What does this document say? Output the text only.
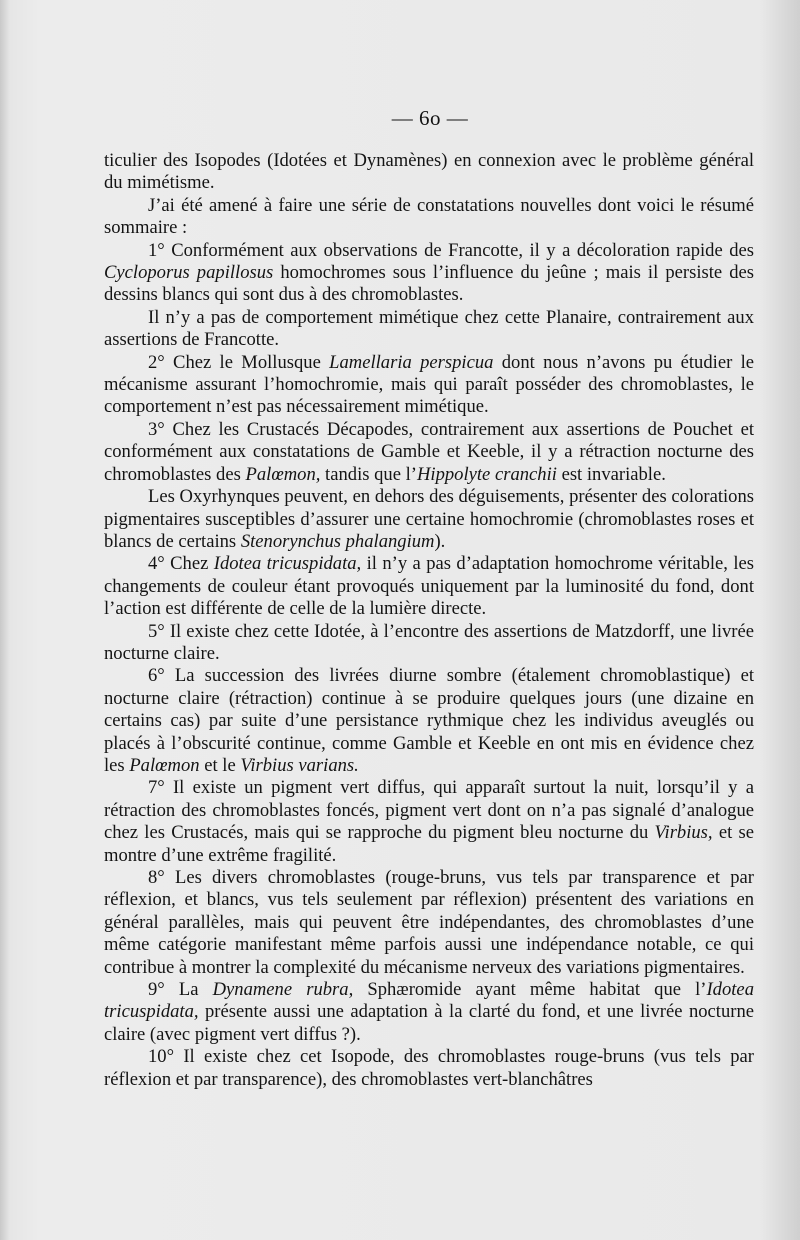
— 6o —

ticulier des Isopodes (Idotées et Dynamènes) en connexion avec le problème général du mimétisme.

J’ai été amené à faire une série de constatations nouvelles dont voici le résumé sommaire :

1° Conformément aux observations de Francotte, il y a décoloration rapide des Cycloporus papillosus homochromes sous l’influence du jeûne ; mais il persiste des dessins blancs qui sont dus à des chromoblastes.

Il n’y a pas de comportement mimétique chez cette Planaire, contrairement aux assertions de Francotte.

2° Chez le Mollusque Lamellaria perspicua dont nous n’avons pu étudier le mécanisme assurant l’homochromie, mais qui paraît posséder des chromoblastes, le comportement n’est pas nécessairement mimétique.

3° Chez les Crustacés Décapodes, contrairement aux assertions de Pouchet et conformément aux constatations de Gamble et Keeble, il y a rétraction nocturne des chromoblastes des Palœmon, tandis que l’Hippolyte cranchii est invariable.

Les Oxyrhynques peuvent, en dehors des déguisements, présenter des colorations pigmentaires susceptibles d’assurer une certaine homochromie (chromoblastes roses et blancs de certains Stenorynchus phalangium).

4° Chez Idotea tricuspidata, il n’y a pas d’adaptation homochrome véritable, les changements de couleur étant provoqués uniquement par la luminosité du fond, dont l’action est différente de celle de la lumière directe.

5° Il existe chez cette Idotée, à l’encontre des assertions de Matzdorff, une livrée nocturne claire.

6° La succession des livrées diurne sombre (étalement chromoblastique) et nocturne claire (rétraction) continue à se produire quelques jours (une dizaine en certains cas) par suite d’une persistance rythmique chez les individus aveuglés ou placés à l’obscurité continue, comme Gamble et Keeble en ont mis en évidence chez les Palœmon et le Virbius varians.

7° Il existe un pigment vert diffus, qui apparaît surtout la nuit, lorsqu’il y a rétraction des chromoblastes foncés, pigment vert dont on n’a pas signalé d’analogue chez les Crustacés, mais qui se rapproche du pigment bleu nocturne du Virbius, et se montre d’une extrême fragilité.

8° Les divers chromoblastes (rouge-bruns, vus tels par transparence et par réflexion, et blancs, vus tels seulement par réflexion) présentent des variations en général parallèles, mais qui peuvent être indépendantes, des chromoblastes d’une même catégorie manifestant même parfois aussi une indépendance notable, ce qui contribue à montrer la complexité du mécanisme nerveux des variations pigmentaires.

9° La Dynamene rubra, Sphæromide ayant même habitat que l’Idotea tricuspidata, présente aussi une adaptation à la clarté du fond, et une livrée nocturne claire (avec pigment vert diffus ?).

10° Il existe chez cet Isopode, des chromoblastes rouge-bruns (vus tels par réflexion et par transparence), des chromoblastes vert-blanchâtres
